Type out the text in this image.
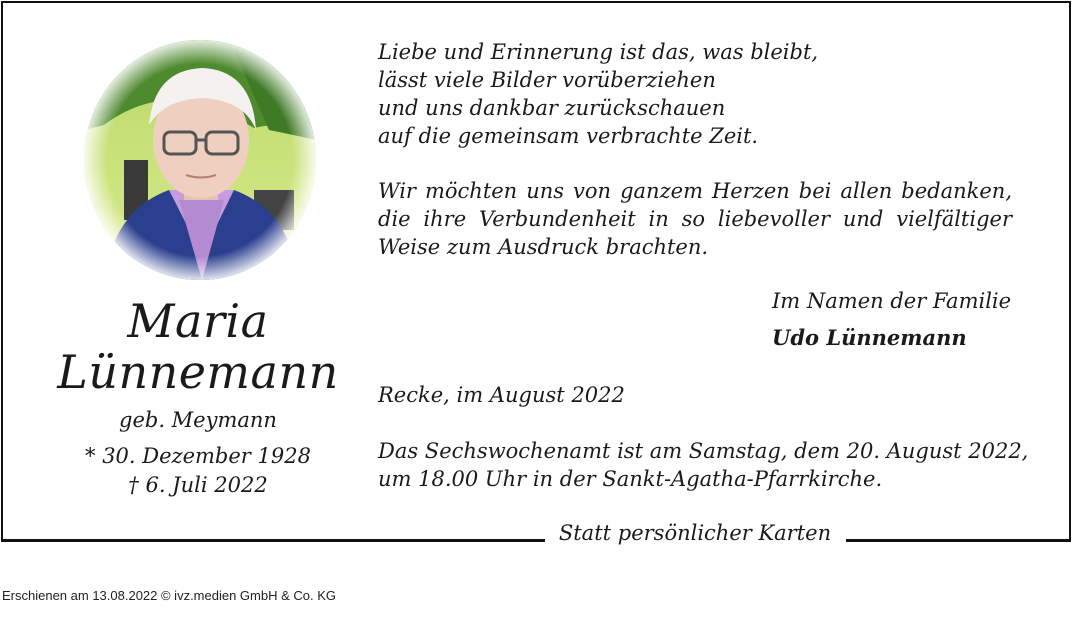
Statt persönlicher Karten
Maria
Lünnemann
geb. Meymann
* 30. Dezember 1928
† 6. Juli 2022
Liebe und Erinnerung ist das, was bleibt,
lässt viele Bilder vorüberziehen
und uns dankbar zurückschauen
auf die gemeinsam verbrachte Zeit.
Wir möchten uns von ganzem Herzen bei allen bedanken,
die ihre Verbundenheit in so liebevoller und vielfältiger
Weise zum Ausdruck brachten.
Im Namen der Familie
Udo Lünnemann
Recke, im August 2022
Das Sechswochenamt ist am Samstag, dem 20. August 2022,
um 18.00 Uhr in der Sankt-Agatha-Pfarrkirche.
Erschienen am 13.08.2022 © ivz.medien GmbH & Co. KG
